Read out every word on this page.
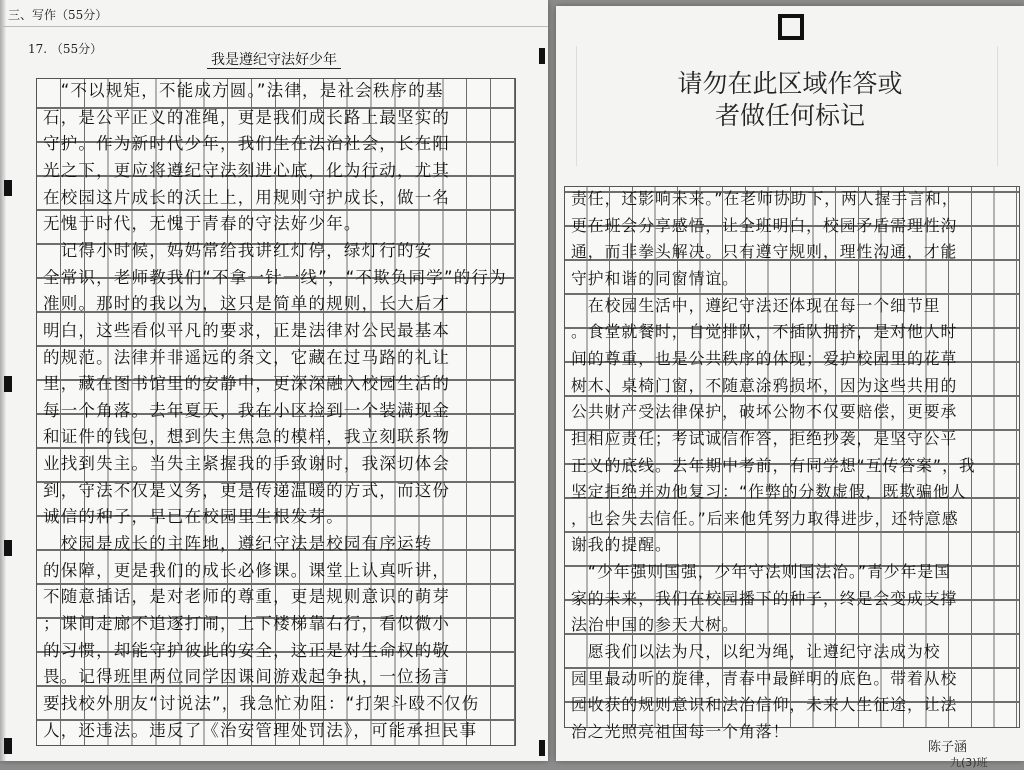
三、写作（55分）
17. （55分）
我是遵纪守法好少年
　“不以规矩，不能成方圆。”法律，是社会秩序的基
石，是公平正义的准绳，更是我们成长路上最坚实的
守护。作为新时代少年，我们生在法治社会，长在阳
光之下，更应将遵纪守法刻进心底，化为行动，尤其
在校园这片成长的沃土上，用规则守护成长，做一名
无愧于时代，无愧于青春的守法好少年。
　记得小时候，妈妈常给我讲红灯停，绿灯行的安
全常识，老师教我们“不拿一针一线”，“不欺负同学”的行为
准则。那时的我以为，这只是简单的规则，长大后才
明白，这些看似平凡的要求，正是法律对公民最基本
的规范。法律并非遥远的条文，它藏在过马路的礼让
里，藏在图书馆里的安静中，更深深融入校园生活的
每一个角落。去年夏天，我在小区捡到一个装满现金
和证件的钱包，想到失主焦急的模样，我立刻联系物
业找到失主。当失主紧握我的手致谢时，我深切体会
到，守法不仅是义务，更是传递温暖的方式，而这份
诚信的种子，早已在校园里生根发芽。
　校园是成长的主阵地，遵纪守法是校园有序运转
的保障，更是我们的成长必修课。课堂上认真听讲，
不随意插话，是对老师的尊重，更是规则意识的萌芽
；课间走廊不追逐打闹，上下楼梯靠右行，看似微小
的习惯，却能守护彼此的安全，这正是对生命权的敬
畏。记得班里两位同学因课间游戏起争执，一位扬言
要找校外朋友“讨说法”，我急忙劝阻：“打架斗殴不仅伤
人，还违法。违反了《治安管理处罚法》，可能承担民事
请勿在此区域作答或
者做任何标记
责任，还影响未来。”在老师协助下，两人握手言和，
更在班会分享感悟，让全班明白，校园矛盾需理性沟
通，而非拳头解决。只有遵守规则，理性沟通，才能
守护和谐的同窗情谊。
　在校园生活中，遵纪守法还体现在每一个细节里
。食堂就餐时，自觉排队，不插队拥挤，是对他人时
间的尊重，也是公共秩序的体现；爱护校园里的花草
树木、桌椅门窗，不随意涂鸦损坏，因为这些共用的
公共财产受法律保护，破坏公物不仅要赔偿，更要承
担相应责任；考试诚信作答，拒绝抄袭，是坚守公平
正义的底线。去年期中考前，有同学想“互传答案”，我
坚定拒绝并劝他复习：“作弊的分数虚假，既欺骗他人
，也会失去信任。”后来他凭努力取得进步，还特意感
谢我的提醒。
　“少年强则国强，少年守法则国法治。”青少年是国
家的未来，我们在校园播下的种子，终是会变成支撑
法治中国的参天大树。
　愿我们以法为尺，以纪为绳，让遵纪守法成为校
园里最动听的旋律，青春中最鲜明的底色。带着从校
园收获的规则意识和法治信仰，未来人生征途，让法
治之光照亮祖国每一个角落！
陈子涵
九(3)班
